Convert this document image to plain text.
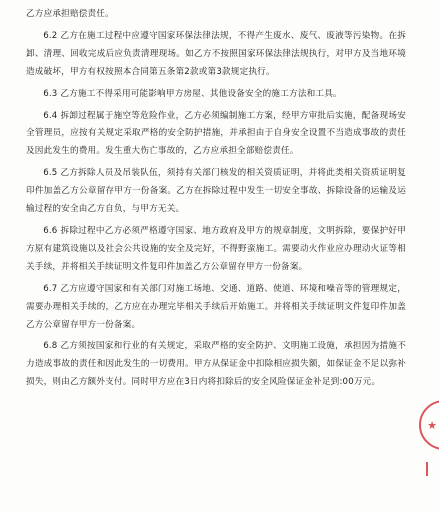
乙方应承担赔偿责任。

6.2 乙方在施工过程中应遵守国家环保法律法规，不得产生废水、废气、废液等污染物。在拆卸、清理、回收完成后应负责清理现场。如乙方不按照国家环保法律法规执行，对甲方及当地环境造成破坏，甲方有权按照本合同第五条第2款或第3款规定执行。

6.3 乙方施工不得采用可能影响甲方房屋、其他设备安全的施工方法和工具。

6.4 拆卸过程属于施空等危险作业，乙方必须编制施工方案，经甲方审批后实施，配备现场安全管理员，应按有关规定采取严格的安全防护措施，并承担由于自身安全设置不当造成事故的责任及因此发生的费用。发生重大伤亡事故的，乙方应承担全部赔偿责任。

6.5 乙方拆除人员及吊装队伍，须持有关部门核发的相关资质证明，并将此类相关资质证明复印件加盖乙方公章留存甲方一份备案。乙方在拆除过程中发生一切安全事故、拆除设备的运输及运输过程的安全由乙方自负，与甲方无关。

6.6 拆除过程中乙方必须严格遵守国家、地方政府及甲方的规章制度，文明拆除，要保护好甲方原有建筑设施以及社会公共设施的安全及完好，不得野蛮施工。需要动火作业应办理动火证等相关手续，并将相关手续证明文件复印件加盖乙方公章留存甲方一份备案。

6.7 乙方应遵守国家和有关部门对施工场地、交通、道路、使道、环境和噪音等的管理规定，需要办理相关手续的，乙方应在办理完毕相关手续后开始施工。并将相关手续证明文件复印件加盖乙方公章留存甲方一份备案。

6.8 乙方须按国家和行业的有关规定，采取严格的安全防护、文明施工设施，承担因为措施不力造成事故的责任和因此发生的一切费用。甲方从保证金中扣除相应损失额，如保证金不足以弥补损失，则由乙方额外支付。同时甲方应在3日内将扣除后的安全风险保证金补足到:00万元。

★
